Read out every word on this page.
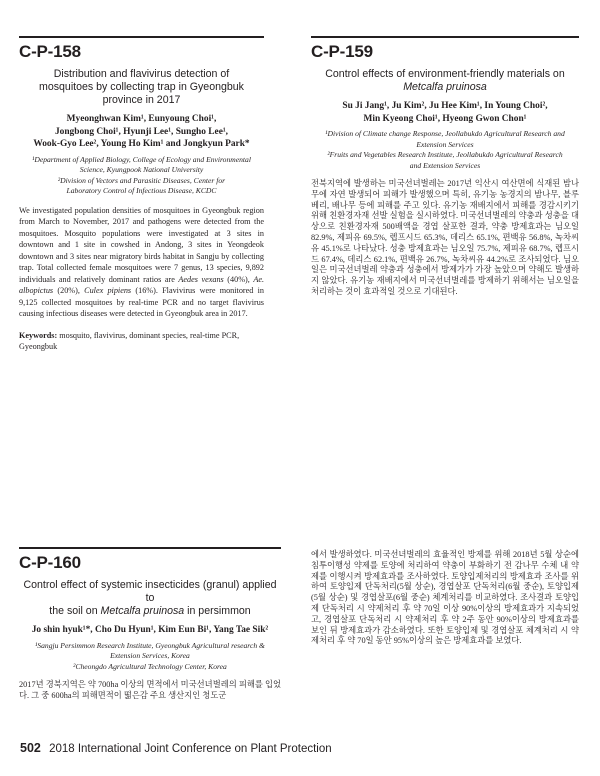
C-P-158
Distribution and flavivirus detection of mosquitoes by collecting trap in Gyeongbuk province in 2017
Myeonghwan Kim¹, Eunyoung Choi¹,
Jongbong Choi¹, Hyunji Lee¹, Sungho Lee¹,
Wook-Gyo Lee², Young Ho Kim¹ and Jongkyun Park*
¹Department of Applied Biology, College of Ecology and Environmental Science, Kyungpook National University
²Division of Vectors and Parasitic Diseases, Center for Laboratory Control of Infectious Disease, KCDC
We investigated population densities of mosquitoes in Gyeongbuk region from March to November, 2017 and pathogens were detected from the mosquitoes. Mosquito populations were investigated at 3 sites in downtown and 1 site in cowshed in Andong, 3 sites in Yeongdeok downtown and 3 sites near migratory birds habitat in Sangju by collecting trap. Total collected female mosquitoes were 7 genus, 13 species, 9,892 individuals and relatively dominant ratios are Aedes vexans (40%), Ae. albopictus (20%), Culex pipiens (16%). Flavivirus were monitored in 9,125 collected mosquitoes by real-time PCR and no target flavivirus causing infectious diseases were detected in Gyeongbuk area in 2017.
Keywords: mosquito, flavivirus, dominant species, real-time PCR, Gyeongbuk
C-P-159
Control effects of environment-friendly materials on
Metcalfa pruinosa
Su Ji Jang¹, Ju Kim², Ju Hee Kim¹, In Young Choi²,
Min Kyeong Choi¹, Hyeong Gwon Chon¹
¹Division of Climate change Response, Jeollabukdo Agricultural Research and Extension Services
²Fruits and Vegetables Research Institute, Jeollabukdo Agricultural Research and Extension Services
전북지역에 발생하는 미국선녀벌레는 2017년 익산시 여산면에 식재된 밤나무에 자연 발생되어 피해가 발생했으며 특히, 유기농 농경지의 밤나무, 블루베리, 배나무 등에 피해를 주고 있다. 유기농 재배지에서 피해를 경감시키기 위해 친환경자재 선발 실험을 실시하였다. 미국선녀벌레의 약충과 성충을 대상으로 친환경자재 500배액을 경엽 살포한 결과, 약충 방제효과는 님오일 82.9%, 제피유 69.5%, 렙프시드 65.3%, 데리스 65.1%, 편백유 56.8%, 녹차씨유 45.1%로 나타났다. 성충 방제효과는 님오일 75.7%, 제피유 68.7%, 렙프시드 67.4%, 데리스 62.1%, 편백유 26.7%, 녹차씨유 44.2%로 조사되었다. 님오일은 미국선녀벌레 약충과 성충에서 방제가가 가장 높았으며 약해도 발생하지 않았다. 유기농 재배지에서 미국선녀벌레를 방제하기 위해서는 님오일을 처리하는 것이 효과적일 것으로 기대된다.
C-P-160
Control effect of systemic insecticides (granul) applied to
the soil on Metcalfa pruinosa in persimmon
Jo shin hyuk¹*, Cho Du Hyun¹, Kim Eun Bi¹, Yang Tae Sik²
¹Sangju Persimmon Research Institute, Gyeongbuk Agricultural research & Extension Services, Korea
²Cheongdo Agricultural Technology Center, Korea
2017년 경북지역은 약 700ha 이상의 면적에서 미국선녀벌레의 피해를 입었다. 그 중 600ha의 피해면적이 떫은감 주요 생산지인 청도군
에서 발생하였다. 미국선녀벌레의 효율적인 방제를 위해 2018년 5월 상순에 침투이행성 약제를 토양에 처리하여 약충이 부화하기 전 감나무 수체 내 약제를 이행시켜 방제효과를 조사하였다. 토양입제처리의 방제효과 조사를 위하여 토양입제 단독처리(5월 상순), 경엽살포 단독처리(6월 중순), 토양입제(5월 상순) 및 경엽살포(6월 중순) 체계처리를 비교하였다. 조사결과 토양입제 단독처리 시 약제처리 후 약 70일 이상 90%이상의 방제효과가 지속되었고, 경엽살포 단독처리 시 약제처리 후 약 2주 동안 90%이상의 방제효과를 보인 뒤 방제효과가 감소하였다. 또한 토양입제 및 경엽살포 체계처리 시 약제처리 후 약 70일 동안 95%이상의 높은 방제효과를 보였다.
502 2018 International Joint Conference on Plant Protection
